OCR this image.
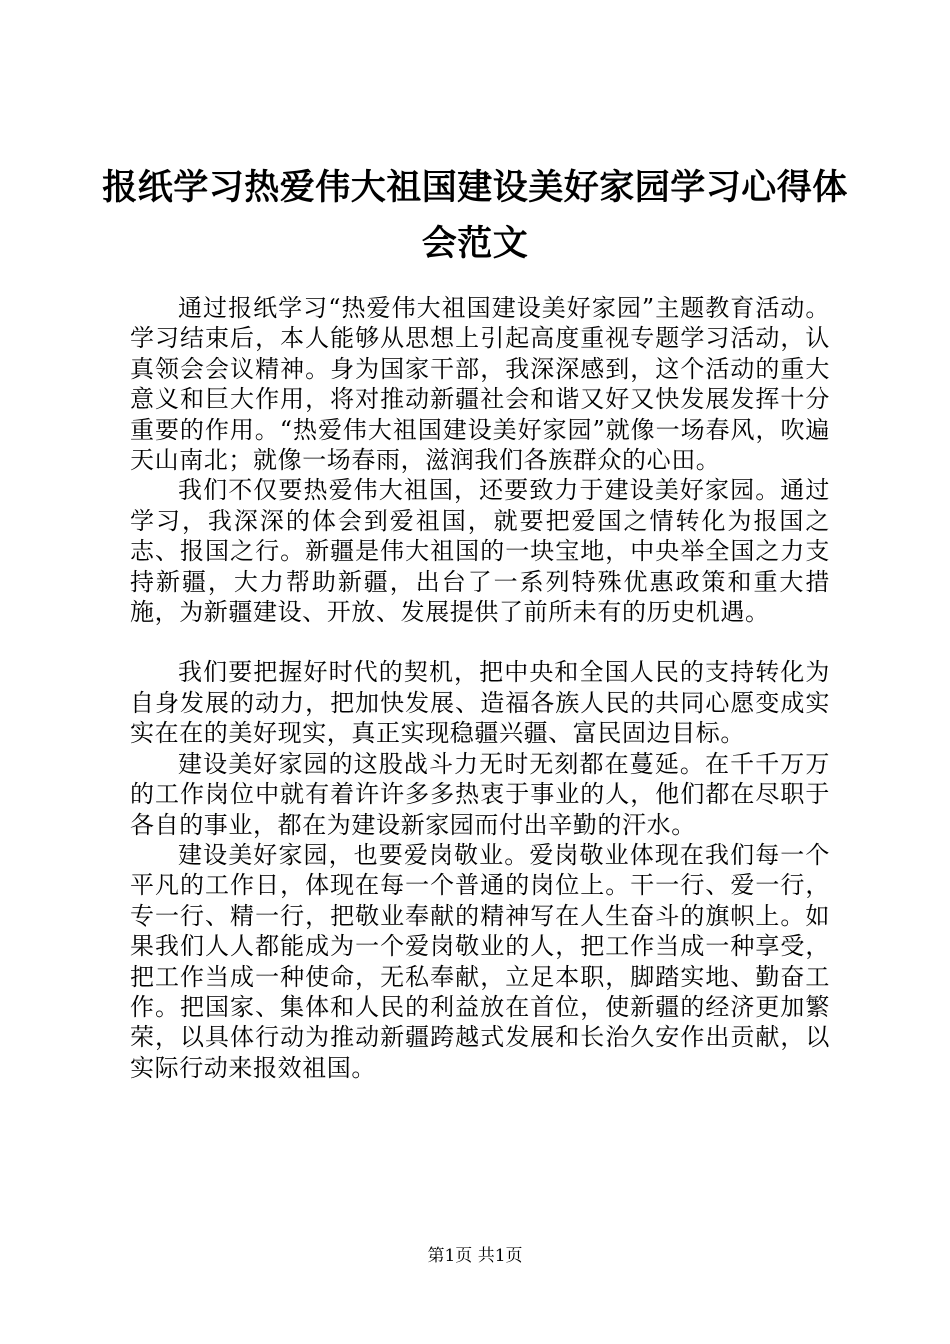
报纸学习热爱伟大祖国建设美好家园学习心得体会范文

通过报纸学习“热爱伟大祖国建设美好家园”主题教育活动。学习结束后，本人能够从思想上引起高度重视专题学习活动，认真领会会议精神。身为国家干部，我深深感到，这个活动的重大意义和巨大作用，将对推动新疆社会和谐又好又快发展发挥十分重要的作用。“热爱伟大祖国建设美好家园”就像一场春风，吹遍天山南北；就像一场春雨，滋润我们各族群众的心田。

我们不仅要热爱伟大祖国，还要致力于建设美好家园。通过学习，我深深的体会到爱祖国，就要把爱国之情转化为报国之志、报国之行。新疆是伟大祖国的一块宝地，中央举全国之力支持新疆，大力帮助新疆，出台了一系列特殊优惠政策和重大措施，为新疆建设、开放、发展提供了前所未有的历史机遇。

我们要把握好时代的契机，把中央和全国人民的支持转化为自身发展的动力，把加快发展、造福各族人民的共同心愿变成实实在在的美好现实，真正实现稳疆兴疆、富民固边目标。

建设美好家园的这股战斗力无时无刻都在蔓延。在千千万万的工作岗位中就有着许许多多热衷于事业的人，他们都在尽职于各自的事业，都在为建设新家园而付出辛勤的汗水。

建设美好家园，也要爱岗敬业。爱岗敬业体现在我们每一个平凡的工作日，体现在每一个普通的岗位上。干一行、爱一行，专一行、精一行，把敬业奉献的精神写在人生奋斗的旗帜上。如果我们人人都能成为一个爱岗敬业的人，把工作当成一种享受，把工作当成一种使命，无私奉献，立足本职，脚踏实地、勤奋工作。把国家、集体和人民的利益放在首位，使新疆的经济更加繁荣，以具体行动为推动新疆跨越式发展和长治久安作出贡献，以实际行动来报效祖国。

第1页 共1页
